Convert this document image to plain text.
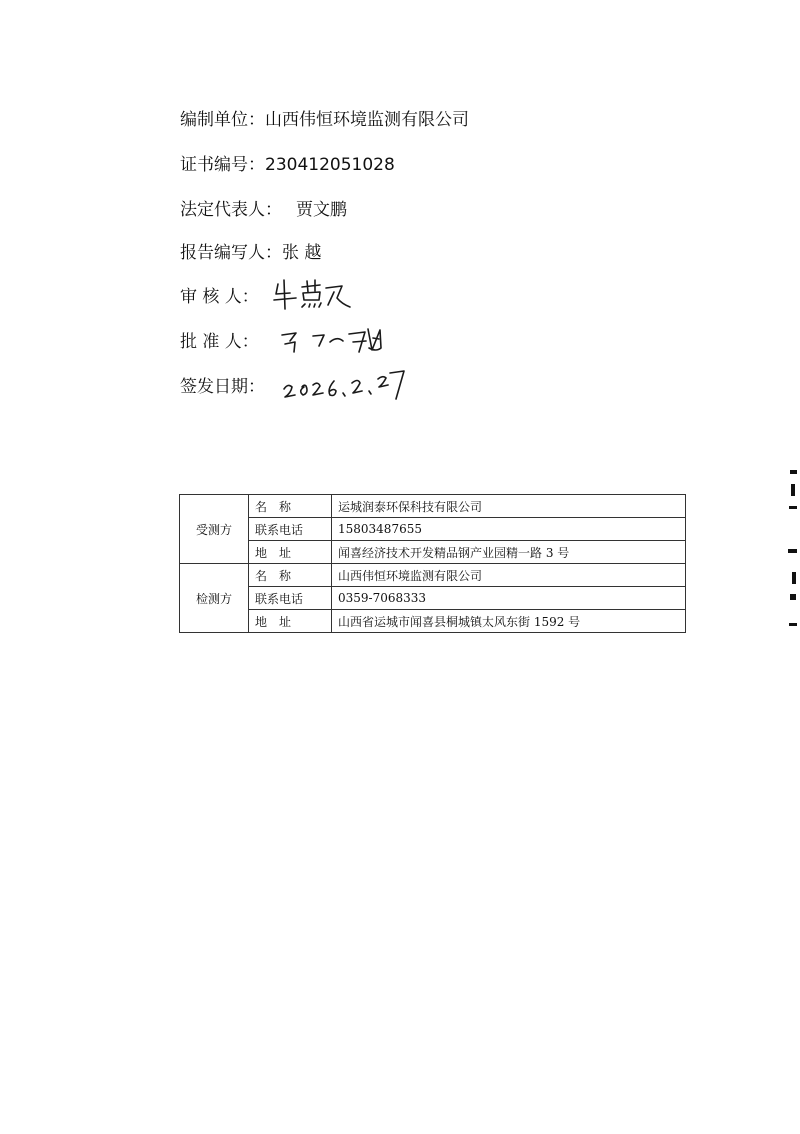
编制单位：山西伟恒环境监测有限公司
证书编号：230412051028
法定代表人： 贾文鹏
报告编写人：张 越
审 核 人：
批 准 人：
签发日期：
受测方	名　称	运城润泰环保科技有限公司
	联系电话	15803487655
	地　址	闻喜经济技术开发精品钢产业园精一路 3 号
检测方	名　称	山西伟恒环境监测有限公司
	联系电话	0359-7068333
	地　址	山西省运城市闻喜县桐城镇太风东街 1592 号
